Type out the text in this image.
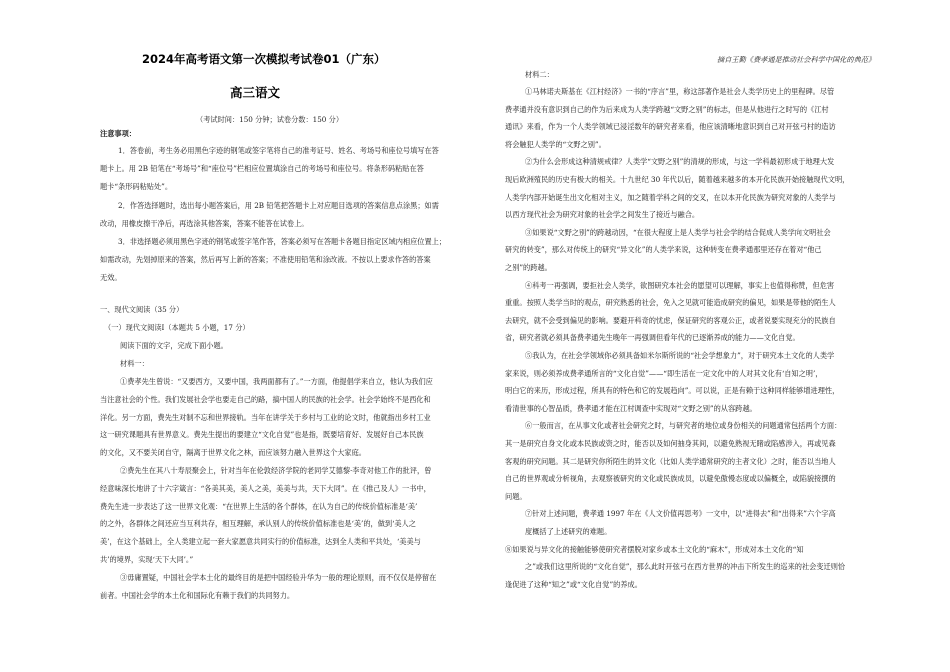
2024年高考语文第一次模拟考试卷01（广东）
高三语文
（考试时间：150 分钟；试卷分数：150 分）
注意事项：
1．答卷前，考生务必用黑色字迹的钢笔或签字笔将自己的准考证号、姓名、考场号和座位号填写在答
题卡上。用 2B 铅笔在“考场号”和“座位号”栏相应位置填涂自己的考场号和座位号。将条形码粘贴在答
题卡“条形码粘贴处”。
2．作答选择题时，选出每小题答案后，用 2B 铅笔把答题卡上对应题目选项的答案信息点涂黑；如需
改动，用橡皮擦干净后，再选涂其他答案，答案不能答在试卷上。
3．非选择题必须用黑色字迹的钢笔或签字笔作答，答案必须写在答题卡各题目指定区域内相应位置上；
如需改动，先划掉原来的答案，然后再写上新的答案；不准使用铅笔和涂改液。不按以上要求作答的答案
无效。
一、现代文阅读（35 分）
（一）现代文阅读Ⅰ（本题共 5 小题，17 分）
阅读下面的文字，完成下面小题。
材料一：
①费孝先生曾说：“又要西方，又要中国，我两面都有了。”一方面，他提倡学来自立，他认为我们应
当注意社会的个性。我们发展社会学也要走自己的路，搞中国人的民族的社会学。社会学始终不是西化和
洋化。另一方面，费先生对制不忘和世界接轨。当年在讲学关于乡村与工业的论文时，他就指出乡村工业
这一研究课题具有世界意义。费先生提出的要建立“文化自觉”也是指，既要培育好、发展好自己本民族
的文化，又不要关闭自守，隔离于世界文化之林，而应该努力融入世界这个大家庭。
②费先生在其八十寿辰聚会上，针对当年在伦敦经济学院的老同学艾德黎·李奇对他工作的批评，曾
经意味深长地讲了十六字箴言：“各美其美，美人之美，美美与共，天下大同”。在《推己及人》一书中，
费先生进一步表达了这一世界文化观：“在世界上生活的各个群体，在认为自己的传统价值标准是‘美’
的之外，各群体之间还应当互利共存，相互理解，承认别人的传统价值标准也是‘美’的，做到‘美人之
美’，在这个基础上，全人类建立起一套大家愿意共同实行的价值标准，达到全人类和平共处，‘美美与
共’的境界，实现‘天下大同’。”
③毋庸置疑，中国社会学本土化的最终目的是把中国经验升华为一般的理论原则，而不仅仅是停留在
前者。中国社会学的本土化和国际化有赖于我们的共同努力。
摘自王勤《费孝通是推动社会科学中国化的典范》
材料二：
①马林诺夫斯基在《江村经济》一书的“序言”里，称这部著作是社会人类学历史上的里程碑。尽管
费孝通并没有意识到自己的作为后来成为人类学跨越“文野之别”的标志，但是从他进行之时写的《江村
通讯》来看，作为一个人类学领域已浸淫数年的研究者来看，他应该清晰地意识到自己对开弦弓村的造访
将会触犯人类学的“文野之别”。
②为什么会形成这种清规戒律？人类学“文野之别”的清规的形成，与这一学科最初形成于地理大发
现后欧洲殖民的历史有极大的相关。十九世纪 30 年代以后，随着越来越多的本开化民族开始接触现代文明，
人类学内部开始诞生出文化相对主义，加之随着学科之间的交叉，在以本开化民族为研究对象的人类学与
以西方现代社会为研究对象的社会学之间发生了接近与融合。
③如果说“文野之别”的跨越动因，“在很大程度上是人类学与社会学的结合促成人类学向文明社会
研究的转变”，那么对传统上的研究“异文化”的人类学来说，这种转变在费孝通那里还存在着对“他己
之别”的跨越。
④科考一再强调，要拒社会人类学，欲图研究本社会的愿望可以理解，事实上也值得称赞，但危害
重重。按照人类学当时的观点，研究熟悉的社会，免入之见就可能造成研究的偏见，如果是带他的陌生人
去研究，就不会受到偏见的影响。要避开科奇的忧虑，保证研究的客观公正，或者说要实现充分的民族自
省，研究者就必须具备费孝通先生晚年一再强调但看年代的已逐渐养成的能力——文化自觉。
⑤我认为，在社会学领域你必须具备如米尔斯所说的“社会学想象力”，对于研究本土文化的人类学
家来说，则必须养成费孝通所言的“文化自觉”——“即生活在一定文化中的人对其文化有‘自知之明’，
明白它的来历，形成过程，所具有的特色和它的发展趋向”。可以说，正是有赖于这种同样能够增进理性，
看清世事的心智品质，费孝通才能在江村调查中实现对“文野之别”的从容跨越。
⑥一般而言，在从事文化或者社会研究之时，与研究者的地位或身份相关的问题通常包括两个方面：
其一是研究自身文化或本民族或资之时，能否以及如何抽身其间，以避免熟视无睹或陷感涉入，再或见森
客观的研究问题。其二是研究你所陌生的异文化（比如人类学通常研究的主者文化）之时，能否以当地人
自己的世界观或分析视角，去观察被研究的文化或民族成员，以避免傲慢态度或以偏概全，或陷貌接撰的
问题。
⑦针对上述问题，费孝通 1997 年在《人文价值再思考》一文中，以“进得去”和“出得来”六个字高
度概括了上述研究的难题。
⑧如果说与异文化的接触能够使研究者摆脱对家乡或本土文化的“麻木”，形成对本土文化的“知
之”或我们这里所说的“文化自觉”，那么此时开弦弓在西方世界的冲击下所发生的巡来的社会变迁则恰
逢促进了这种“知之”或“文化自觉”的养成。
